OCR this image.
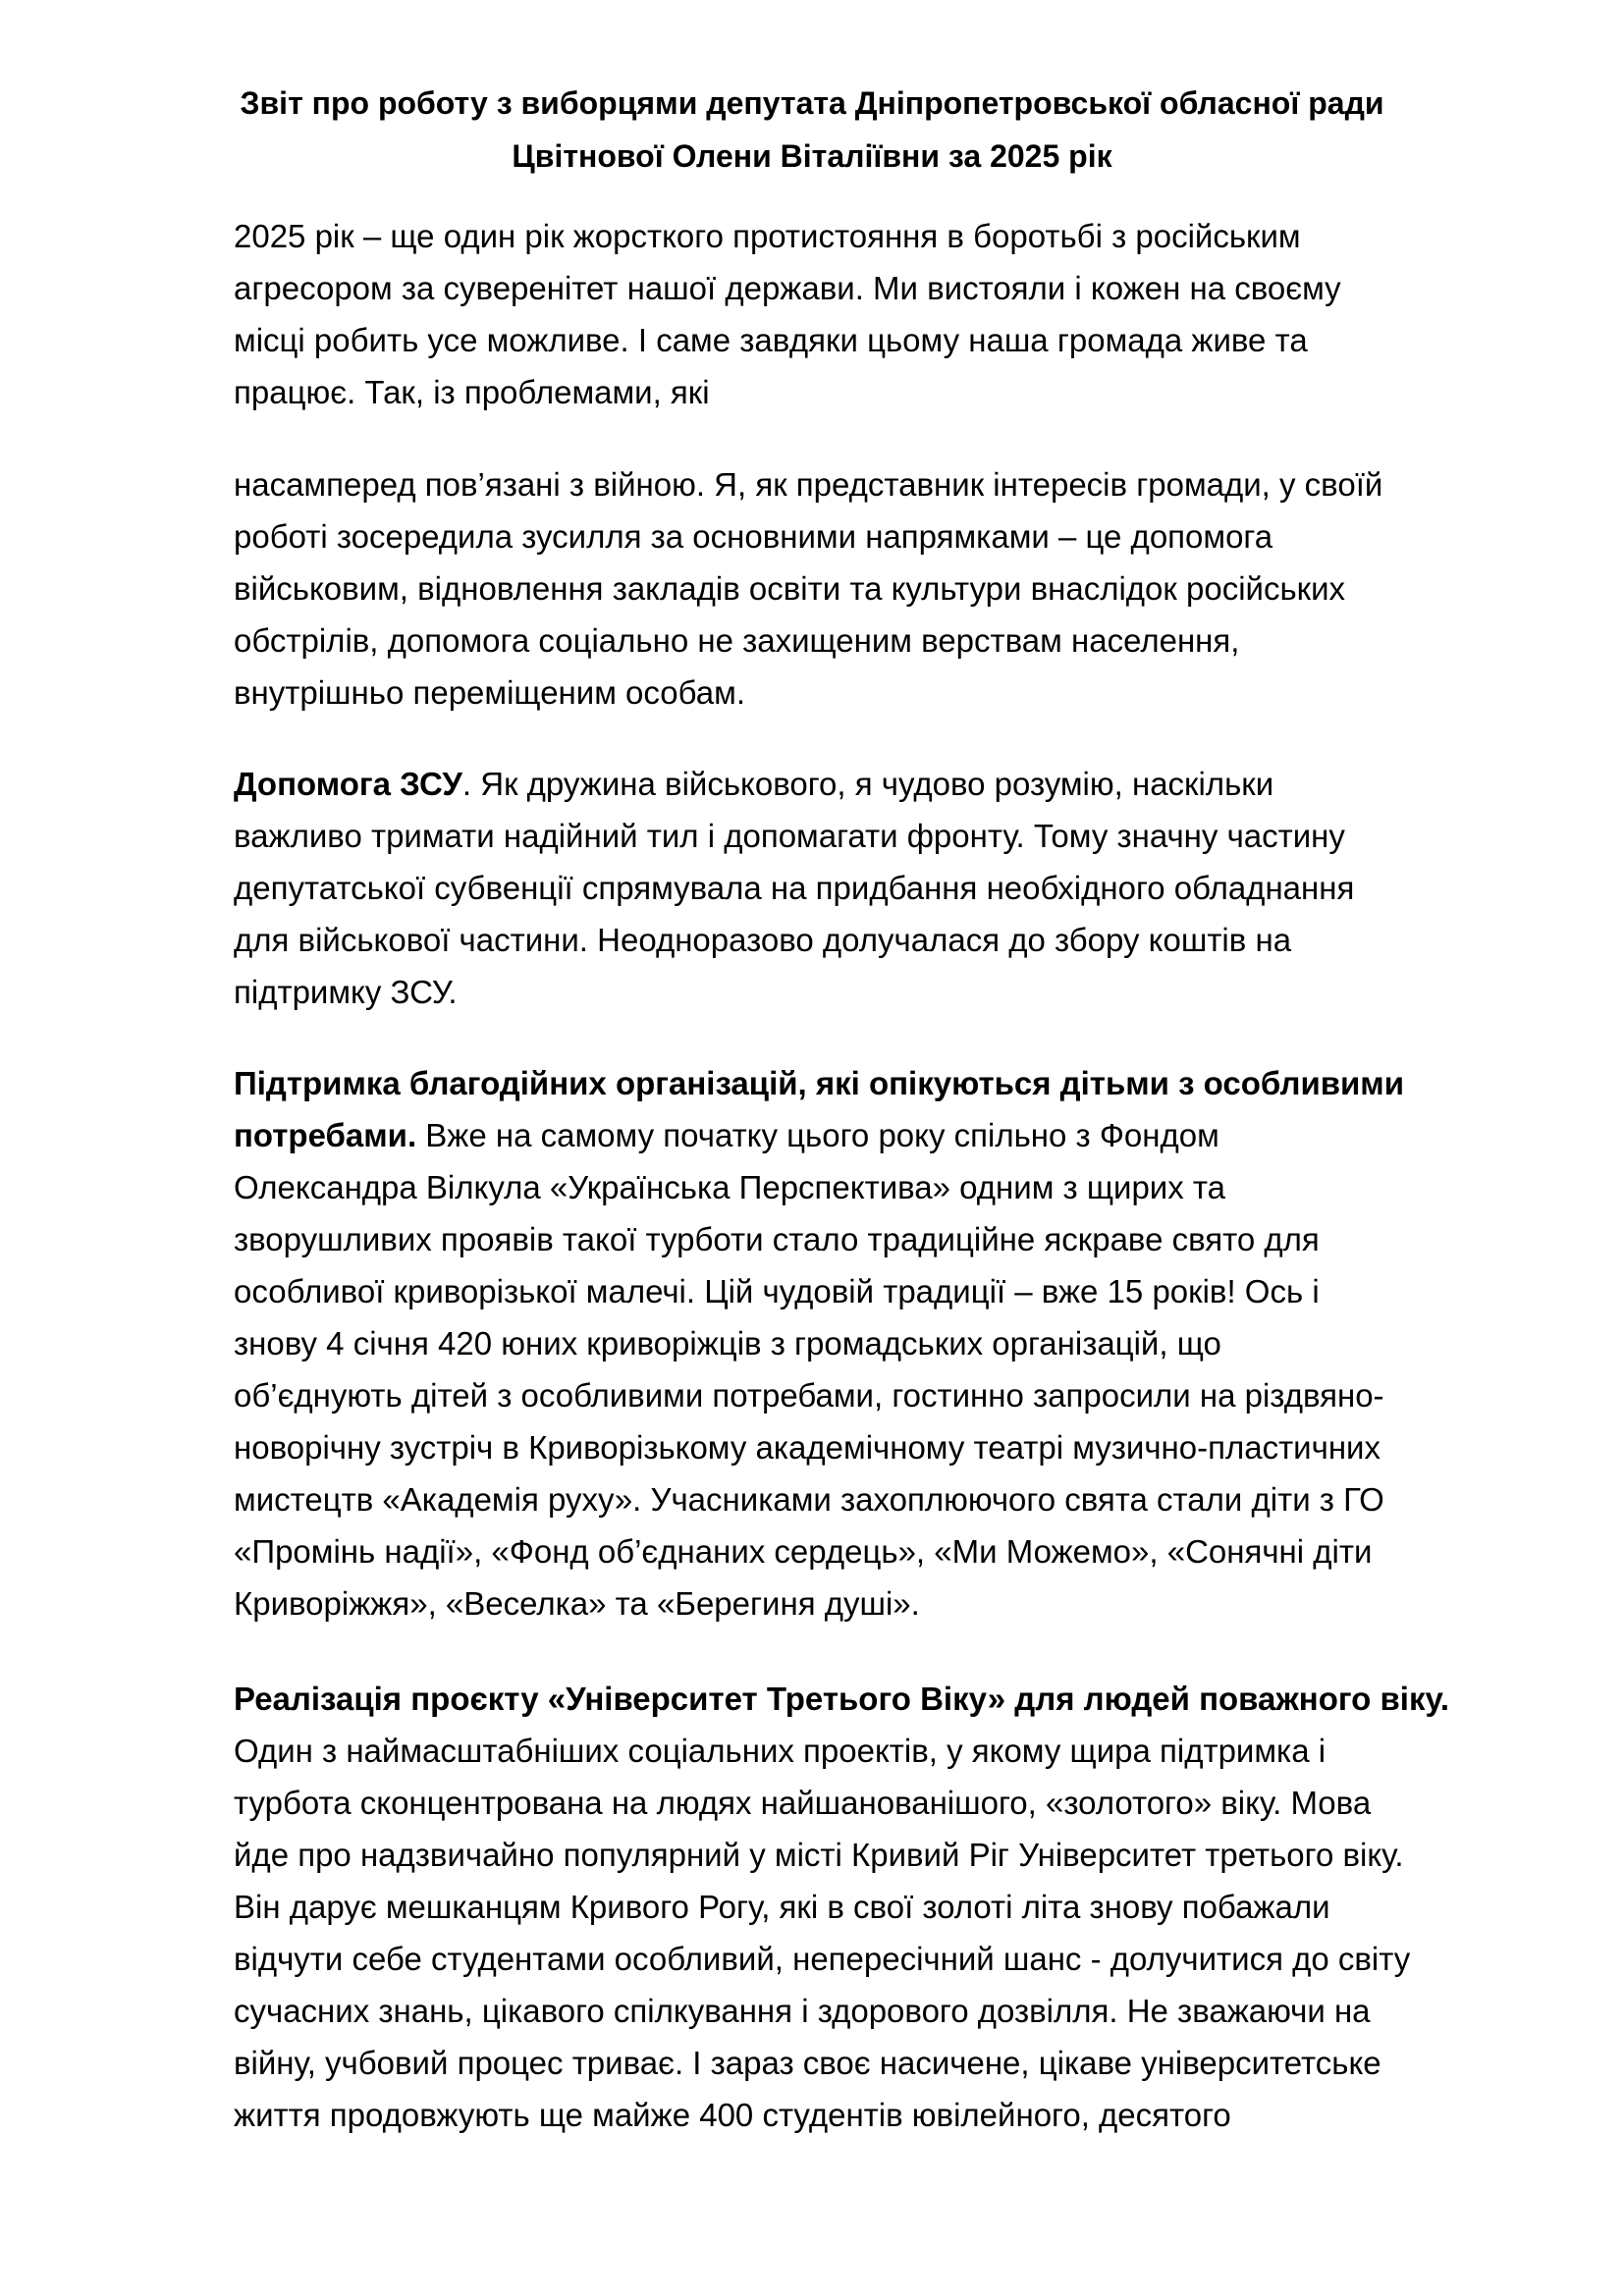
Звіт про роботу з виборцями депутата Дніпропетровської обласної ради
Цвітнової Олени Віталіївни за 2025 рік
2025 рік – ще один рік жорсткого протистояння в боротьбі з російським
агресором за суверенітет нашої держави. Ми вистояли і кожен на своєму
місці робить усе можливе. І саме завдяки цьому наша громада живе та
працює. Так, із проблемами, які
насамперед пов’язані з війною. Я, як представник інтересів громади, у своїй
роботі зосередила зусилля за основними напрямками – це допомога
військовим, відновлення закладів освіти та культури внаслідок російських
обстрілів, допомога соціально не захищеним верствам населення,
внутрішньо переміщеним особам.
Допомога ЗСУ. Як дружина військового, я чудово розумію, наскільки
важливо тримати надійний тил і допомагати фронту. Тому значну частину
депутатської субвенції спрямувала на придбання необхідного обладнання
для військової частини. Неодноразово долучалася до збору коштів на
підтримку ЗСУ.
Підтримка благодійних організацій, які опікуються дітьми з особливими
потребами. Вже на самому початку цього року спільно з Фондом
Олександра Вілкула «Українська Перспектива» одним з щирих та
зворушливих проявів такої турботи стало традиційне яскраве свято для
особливої криворізької малечі. Цій чудовій традиції – вже 15 років! Ось і
знову 4 січня 420 юних криворіжців з громадських організацій, що
об’єднують дітей з особливими потребами, гостинно запросили на різдвяно-
новорічну зустріч в Криворізькому академічному театрі музично-пластичних
мистецтв «Академія руху». Учасниками захоплюючого свята стали діти з ГО
«Промінь надії», «Фонд об’єднаних сердець», «Ми Можемо», «Сонячні діти
Криворіжжя», «Веселка» та «Берегиня душі».
Реалізація проєкту «Університет Третього Віку» для людей поважного віку.
Один з наймасштабніших соціальних проектів, у якому щира підтримка і
турбота сконцентрована на людях найшанованішого, «золотого» віку. Мова
йде про надзвичайно популярний у місті Кривий Ріг Університет третього віку.
Він дарує мешканцям Кривого Рогу, які в свої золоті літа знову побажали
відчути себе студентами особливий, непересічний шанс - долучитися до світу
сучасних знань, цікавого спілкування і здорового дозвілля. Не зважаючи на
війну, учбовий процес триває. І зараз своє насичене, цікаве університетське
життя продовжують ще майже 400 студентів ювілейного, десятого
